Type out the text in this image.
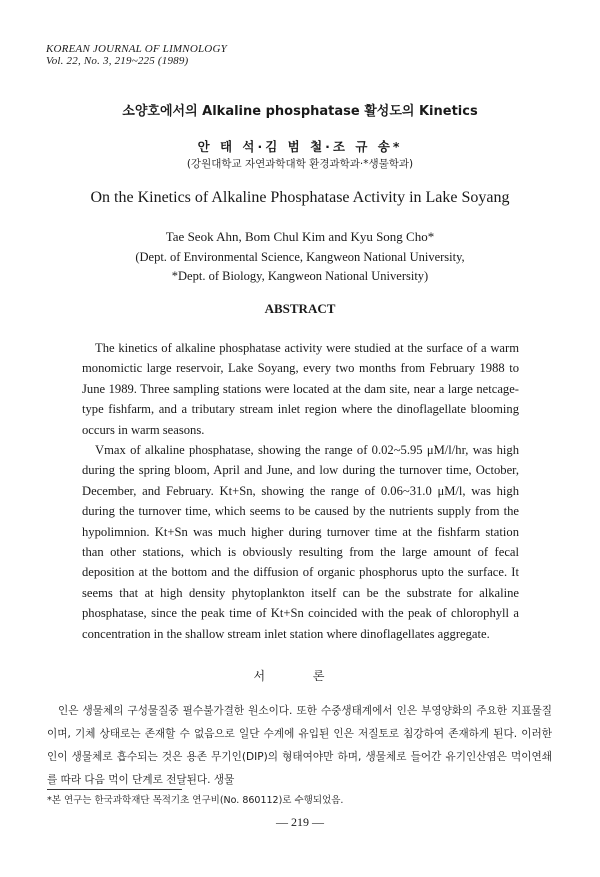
KOREAN JOURNAL OF LIMNOLOGY
Vol. 22, No. 3, 219~225 (1989)
소양호에서의 Alkaline phosphatase 활성도의 Kinetics
안 태 석·김 범 철·조 규 송*
(강원대학교 자연과학대학 환경과학과·*생물학과)
On the Kinetics of Alkaline Phosphatase Activity in Lake Soyang
Tae Seok Ahn, Bom Chul Kim and Kyu Song Cho*
(Dept. of Environmental Science, Kangweon National University,
*Dept. of Biology, Kangweon National University)
ABSTRACT

The kinetics of alkaline phosphatase activity were studied at the surface of a warm monomictic large reservoir, Lake Soyang, every two months from February 1988 to June 1989. Three sampling stations were located at the dam site, near a large netcage-type fishfarm, and a tributary stream inlet region where the dinoflagellate blooming occurs in warm seasons.

Vmax of alkaline phosphatase, showing the range of 0.02~5.95 μM/l/hr, was high during the spring bloom, April and June, and low during the turnover time, October, December, and February. Kt+Sn, showing the range of 0.06~31.0 μM/l, was high during the turnover time, which seems to be caused by the nutrients supply from the hypolimnion. Kt+Sn was much higher during turnover time at the fishfarm station than other stations, which is obviously resulting from the large amount of fecal deposition at the bottom and the diffusion of organic phosphorus upto the surface. It seems that at high density phytoplankton itself can be the substrate for alkaline phosphatase, since the peak time of Kt+Sn coincided with the peak of chlorophyll a concentration in the shallow stream inlet station where dinoflagellates aggregate.

서 론

인은 생물체의 구성물질중 필수불가결한 원소이다. 또한 수중생태계에서 인은 부영양화의 주요한 지표물질이며, 기체 상태로는 존재할 수 없음으로 일단 수계에 유입된 인은 저질토로 침강하여 존재하게 된다. 이러한 인이 생물체로 흡수되는 것은 용존 무기인(DIP)의 형태여야만 하며, 생물체로 들어간 유기인산염은 먹이연쇄를 따라 다음 먹이 단계로 전달된다. 생물

*본 연구는 한국과학재단 목적기초 연구비(No. 860112)로 수행되었음.
— 219 —
